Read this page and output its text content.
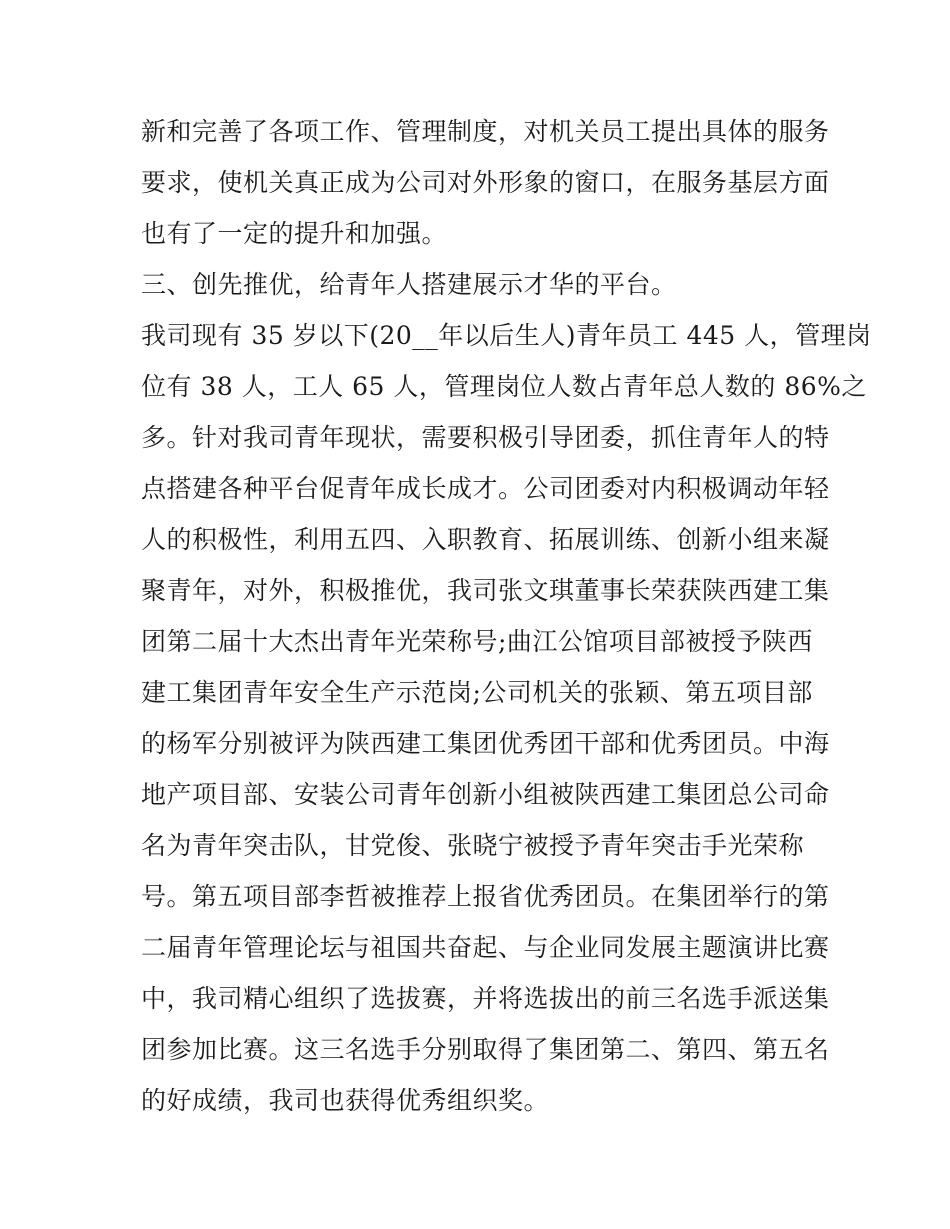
新和完善了各项工作、管理制度，对机关员工提出具体的服务
要求，使机关真正成为公司对外形象的窗口，在服务基层方面
也有了一定的提升和加强。
三、创先推优，给青年人搭建展示才华的平台。
我司现有 35 岁以下(20__年以后生人)青年员工 445 人，管理岗
位有 38 人，工人 65 人，管理岗位人数占青年总人数的 86%之
多。针对我司青年现状，需要积极引导团委，抓住青年人的特
点搭建各种平台促青年成长成才。公司团委对内积极调动年轻
人的积极性，利用五四、入职教育、拓展训练、创新小组来凝
聚青年，对外，积极推优，我司张文琪董事长荣获陕西建工集
团第二届十大杰出青年光荣称号;曲江公馆项目部被授予陕西
建工集团青年安全生产示范岗;公司机关的张颖、第五项目部
的杨军分别被评为陕西建工集团优秀团干部和优秀团员。中海
地产项目部、安装公司青年创新小组被陕西建工集团总公司命
名为青年突击队，甘党俊、张晓宁被授予青年突击手光荣称
号。第五项目部李哲被推荐上报省优秀团员。在集团举行的第
二届青年管理论坛与祖国共奋起、与企业同发展主题演讲比赛
中，我司精心组织了选拔赛，并将选拔出的前三名选手派送集
团参加比赛。这三名选手分别取得了集团第二、第四、第五名
的好成绩，我司也获得优秀组织奖。
